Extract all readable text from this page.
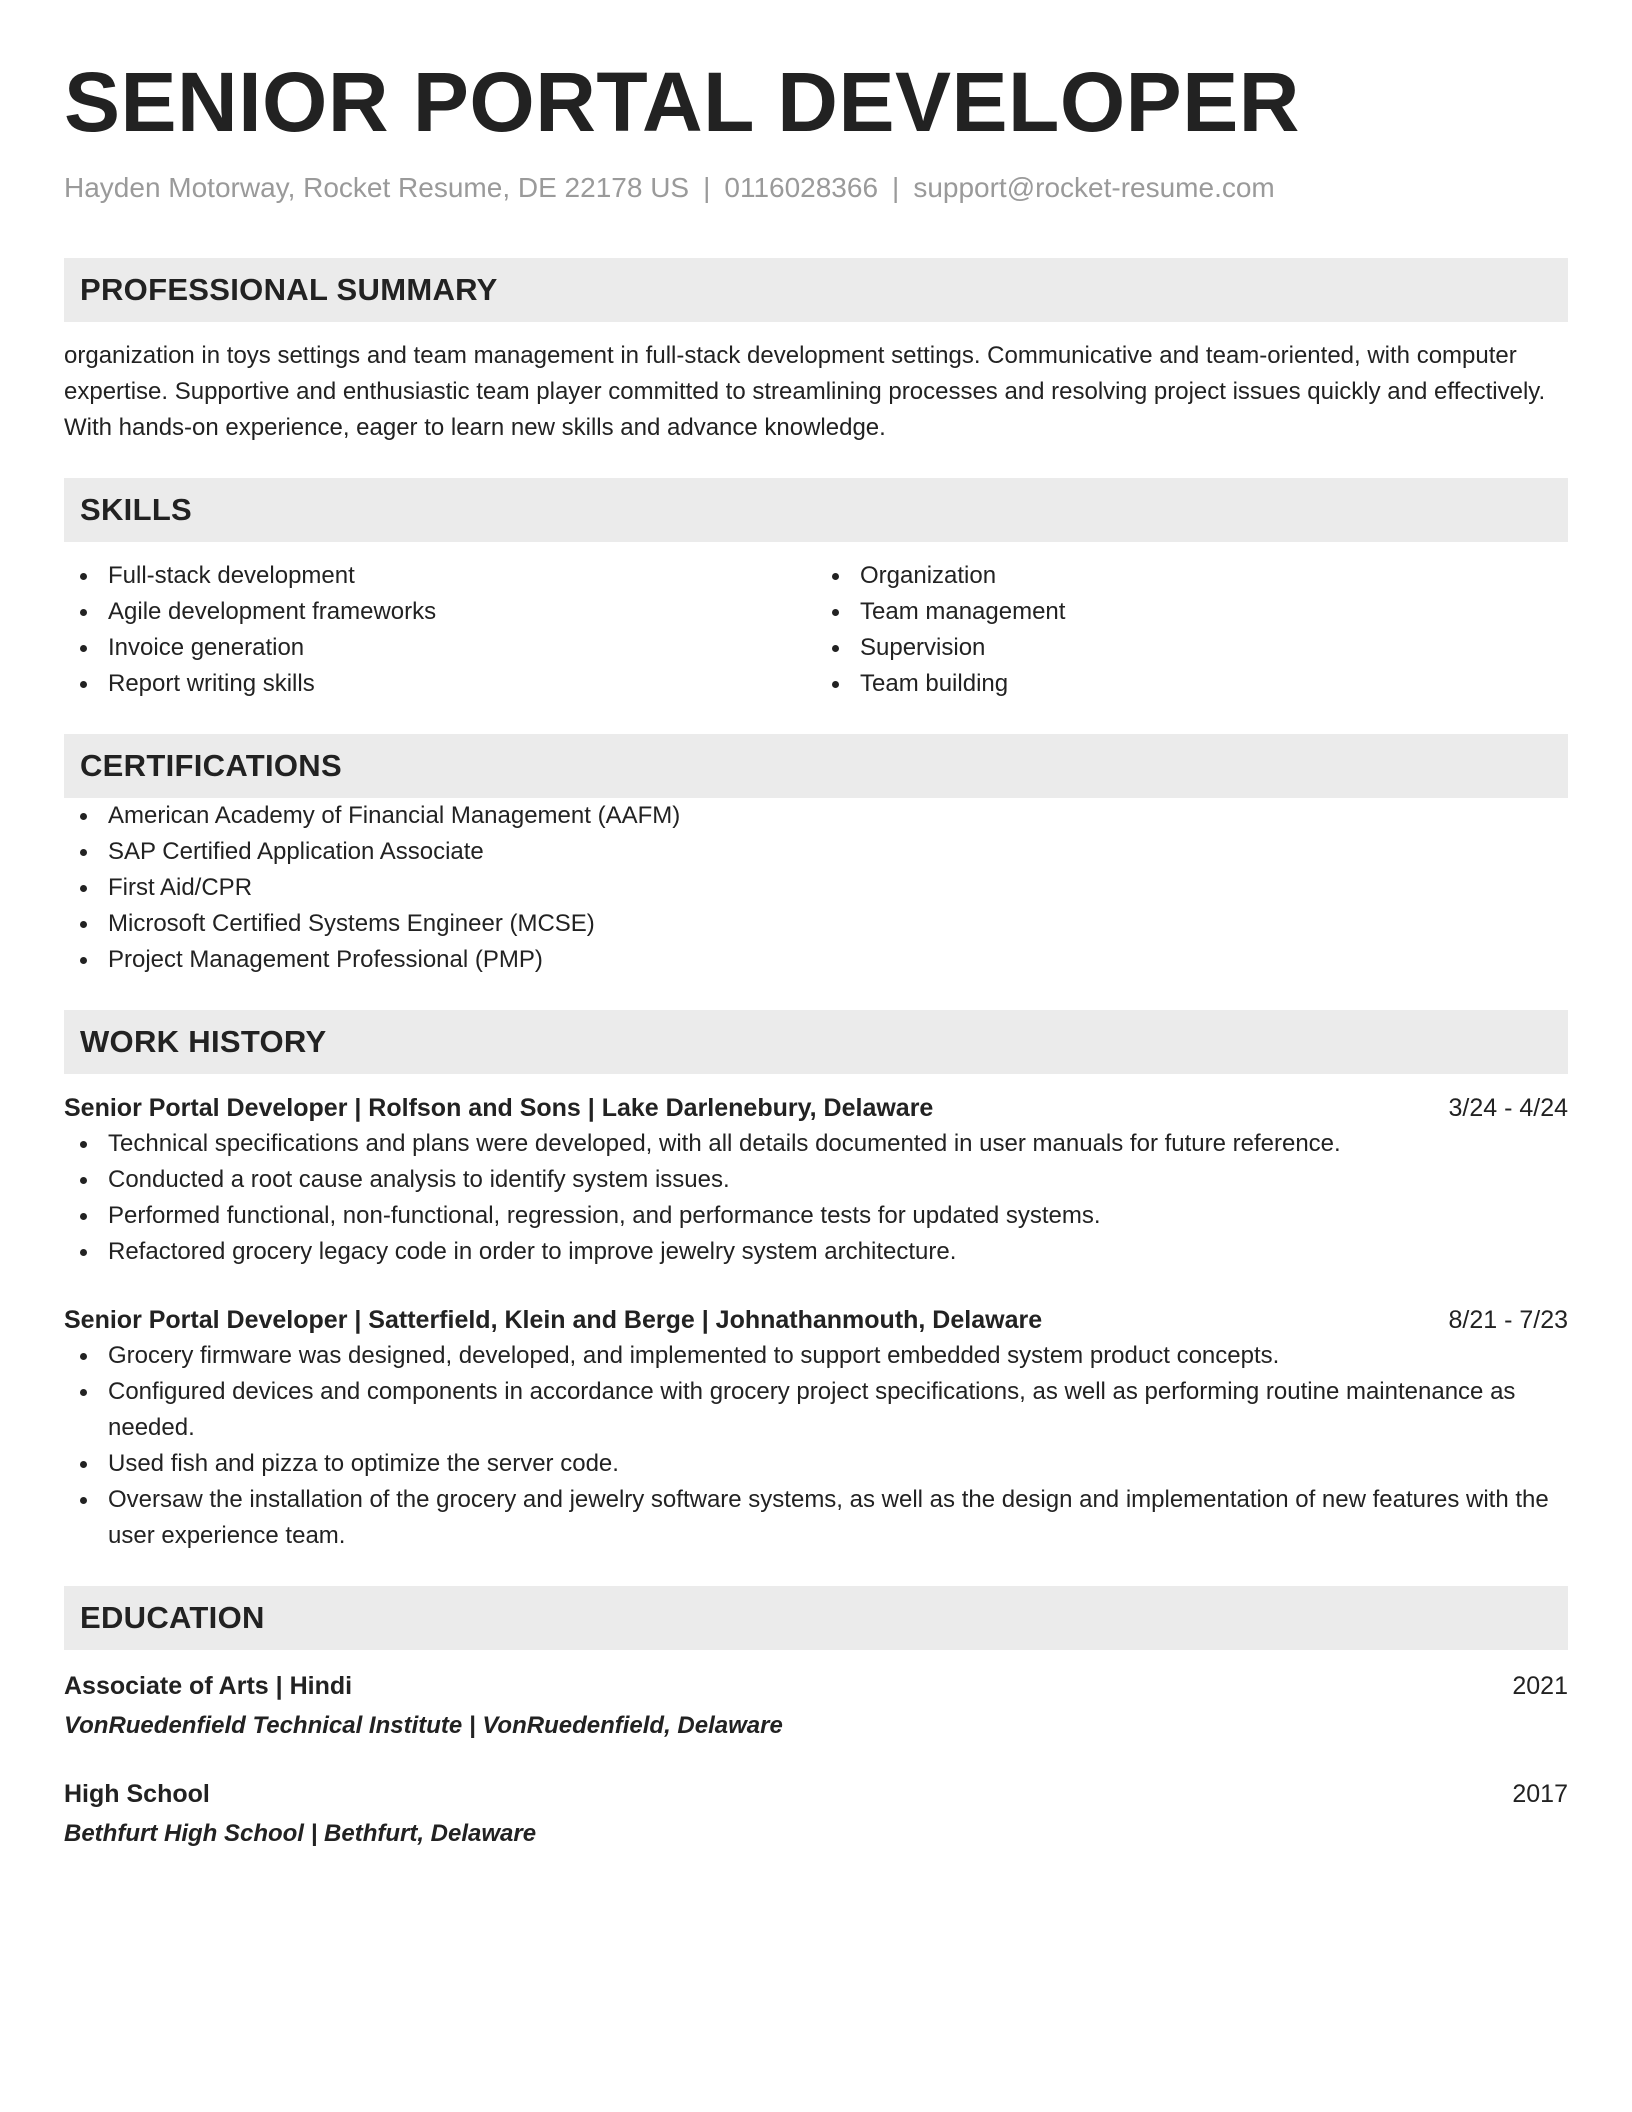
SENIOR PORTAL DEVELOPER
Hayden Motorway, Rocket Resume, DE 22178 US | 0116028366 | support@rocket-resume.com
PROFESSIONAL SUMMARY
organization in toys settings and team management in full-stack development settings. Communicative and team-oriented, with computer expertise. Supportive and enthusiastic team player committed to streamlining processes and resolving project issues quickly and effectively. With hands-on experience, eager to learn new skills and advance knowledge.
SKILLS
Full-stack development
Agile development frameworks
Invoice generation
Report writing skills
Organization
Team management
Supervision
Team building
CERTIFICATIONS
American Academy of Financial Management (AAFM)
SAP Certified Application Associate
First Aid/CPR
Microsoft Certified Systems Engineer (MCSE)
Project Management Professional (PMP)
WORK HISTORY
Senior Portal Developer | Rolfson and Sons | Lake Darlenebury, Delaware	3/24 - 4/24
Technical specifications and plans were developed, with all details documented in user manuals for future reference.
Conducted a root cause analysis to identify system issues.
Performed functional, non-functional, regression, and performance tests for updated systems.
Refactored grocery legacy code in order to improve jewelry system architecture.
Senior Portal Developer | Satterfield, Klein and Berge | Johnathanmouth, Delaware	8/21 - 7/23
Grocery firmware was designed, developed, and implemented to support embedded system product concepts.
Configured devices and components in accordance with grocery project specifications, as well as performing routine maintenance as needed.
Used fish and pizza to optimize the server code.
Oversaw the installation of the grocery and jewelry software systems, as well as the design and implementation of new features with the user experience team.
EDUCATION
Associate of Arts | Hindi	2021
VonRuedenfield Technical Institute | VonRuedenfield, Delaware
High School	2017
Bethfurt High School | Bethfurt, Delaware
